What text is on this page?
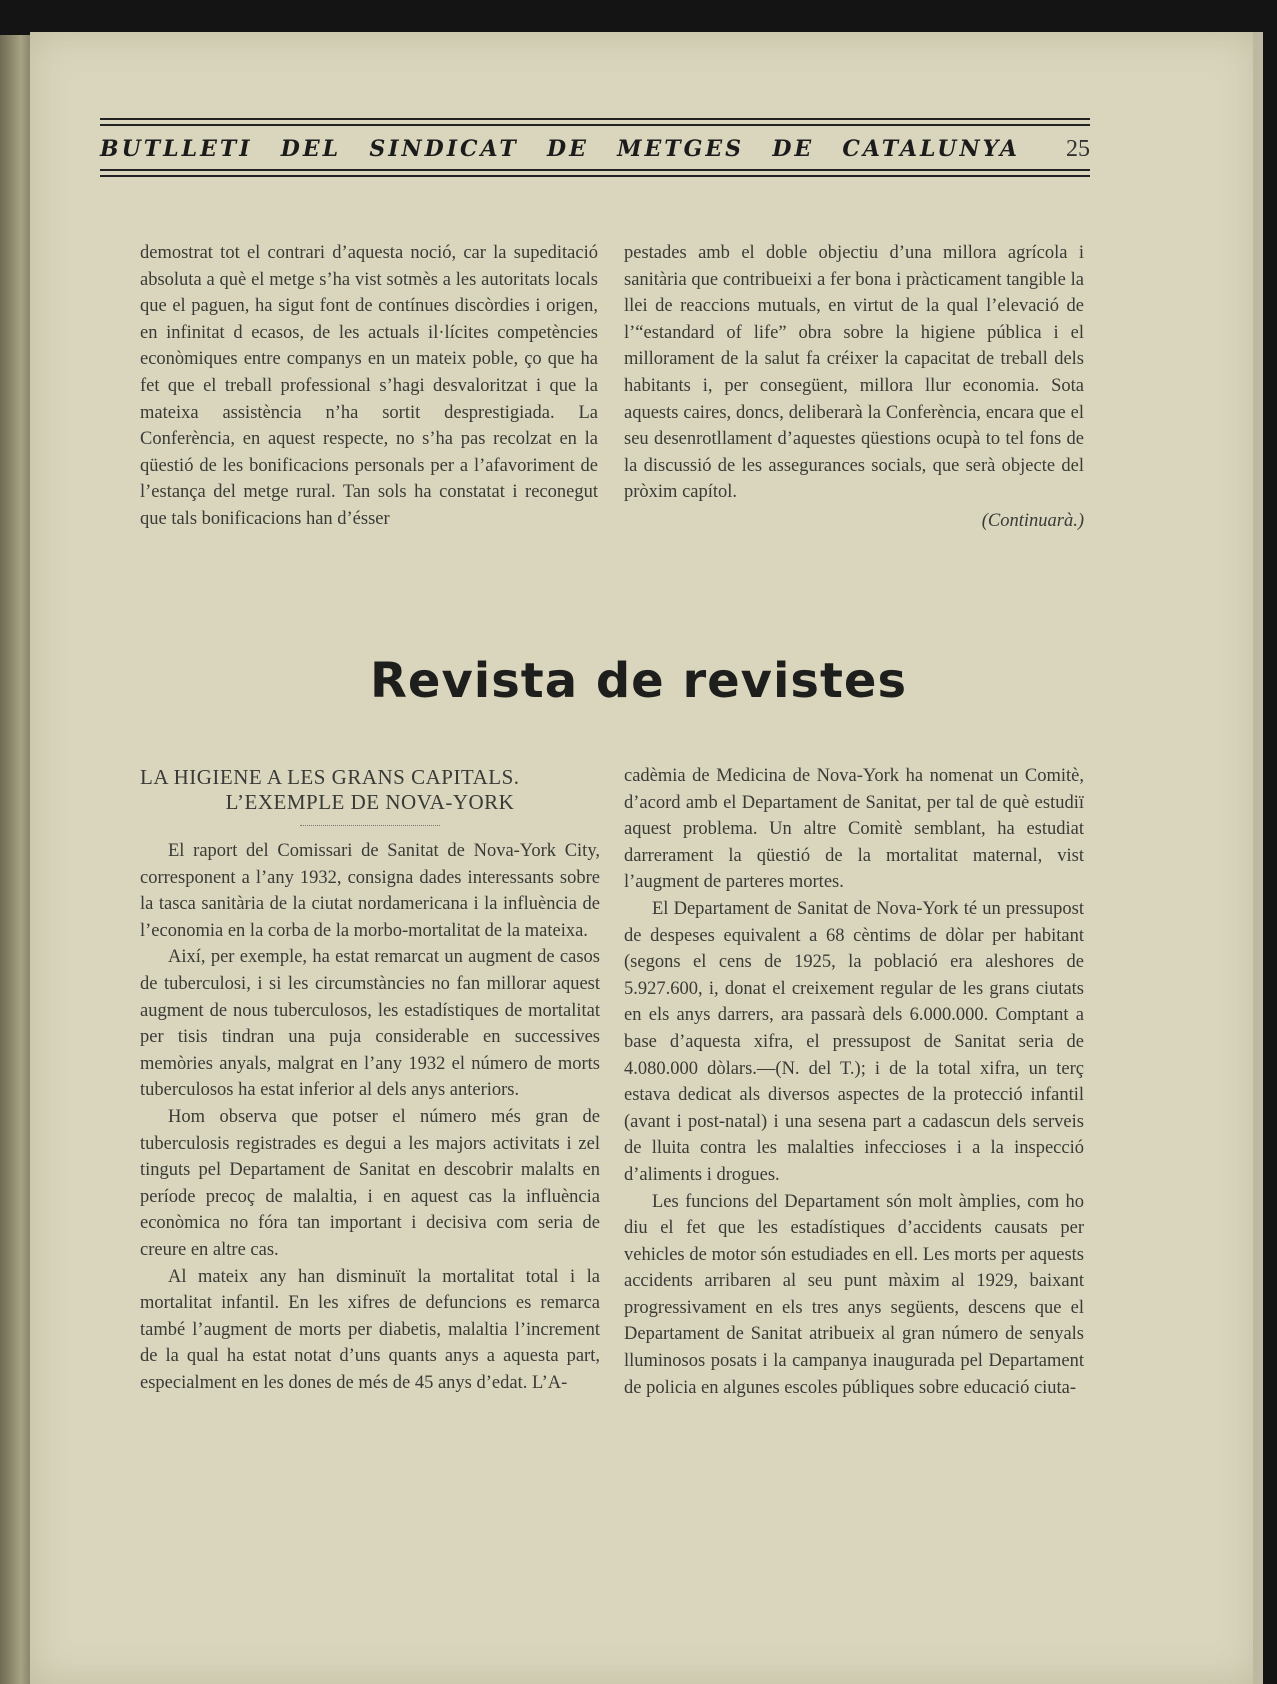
BUTLLETI DEL SINDICAT DE METGES DE CATALUNYA 25

demostrat tot el contrari d’aquesta noció, car la supeditació absoluta a què el metge s’ha vist sotmès a les autoritats locals que el paguen, ha sigut font de contínues discòrdies i origen, en infinitat d ecasos, de les actuals il·lícites competències econòmiques entre companys en un mateix poble, ço que ha fet que el treball professional s’hagi desvaloritzat i que la mateixa assistència n’ha sortit desprestigiada. La Conferència, en aquest respecte, no s’ha pas recolzat en la qüestió de les bonificacions personals per a l’afavoriment de l’estança del metge rural. Tan sols ha constatat i reconegut que tals bonificacions han d’ésser

pestades amb el doble objectiu d’una millora agrícola i sanitària que contribueixi a fer bona i pràcticament tangible la llei de reaccions mutuals, en virtut de la qual l’elevació de l’“estandard of life” obra sobre la higiene pública i el millorament de la salut fa créixer la capacitat de treball dels habitants i, per consegüent, millora llur economia. Sota aquests caires, doncs, deliberarà la Conferència, encara que el seu desenrotllament d’aquestes qüestions ocupà to tel fons de la discussió de les assegurances socials, que serà objecte del pròxim capítol.

(Continuarà.)
Revista de revistes
LA HIGIENE A LES GRANS CAPITALS.
L’EXEMPLE DE NOVA-YORK

El raport del Comissari de Sanitat de Nova-York City, corresponent a l’any 1932, consigna dades interessants sobre la tasca sanitària de la ciutat nordamericana i la influència de l’economia en la corba de la morbo-mortalitat de la mateixa.

Així, per exemple, ha estat remarcat un augment de casos de tuberculosi, i si les circumstàncies no fan millorar aquest augment de nous tuberculosos, les estadístiques de mortalitat per tisis tindran una puja considerable en successives memòries anyals, malgrat en l’any 1932 el número de morts tuberculosos ha estat inferior al dels anys anteriors.

Hom observa que potser el número més gran de tuberculosis registrades es degui a les majors activitats i zel tinguts pel Departament de Sanitat en descobrir malalts en període precoç de malaltia, i en aquest cas la influència econòmica no fóra tan important i decisiva com seria de creure en altre cas.

Al mateix any han disminuït la mortalitat total i la mortalitat infantil. En les xifres de defuncions es remarca també l’augment de morts per diabetis, malaltia l’increment de la qual ha estat notat d’uns quants anys a aquesta part, especialment en les dones de més de 45 anys d’edat. L’A-

cadèmia de Medicina de Nova-York ha nomenat un Comitè, d’acord amb el Departament de Sanitat, per tal de què estudiï aquest problema. Un altre Comitè semblant, ha estudiat darrerament la qüestió de la mortalitat maternal, vist l’augment de parteres mortes.

El Departament de Sanitat de Nova-York té un pressupost de despeses equivalent a 68 cèntims de dòlar per habitant (segons el cens de 1925, la població era aleshores de 5.927.600, i, donat el creixement regular de les grans ciutats en els anys darrers, ara passarà dels 6.000.000. Comptant a base d’aquesta xifra, el pressupost de Sanitat seria de 4.080.000 dòlars.—(N. del T.); i de la total xifra, un terç estava dedicat als diversos aspectes de la protecció infantil (avant i post-natal) i una sesena part a cadascun dels serveis de lluita contra les malalties infeccioses i a la inspecció d’aliments i drogues.

Les funcions del Departament són molt àmplies, com ho diu el fet que les estadístiques d’accidents causats per vehicles de motor són estudiades en ell. Les morts per aquests accidents arribaren al seu punt màxim al 1929, baixant progressivament en els tres anys següents, descens que el Departament de Sanitat atribueix al gran número de senyals lluminosos posats i la campanya inaugurada pel Departament de policia en algunes escoles públiques sobre educació ciuta-
